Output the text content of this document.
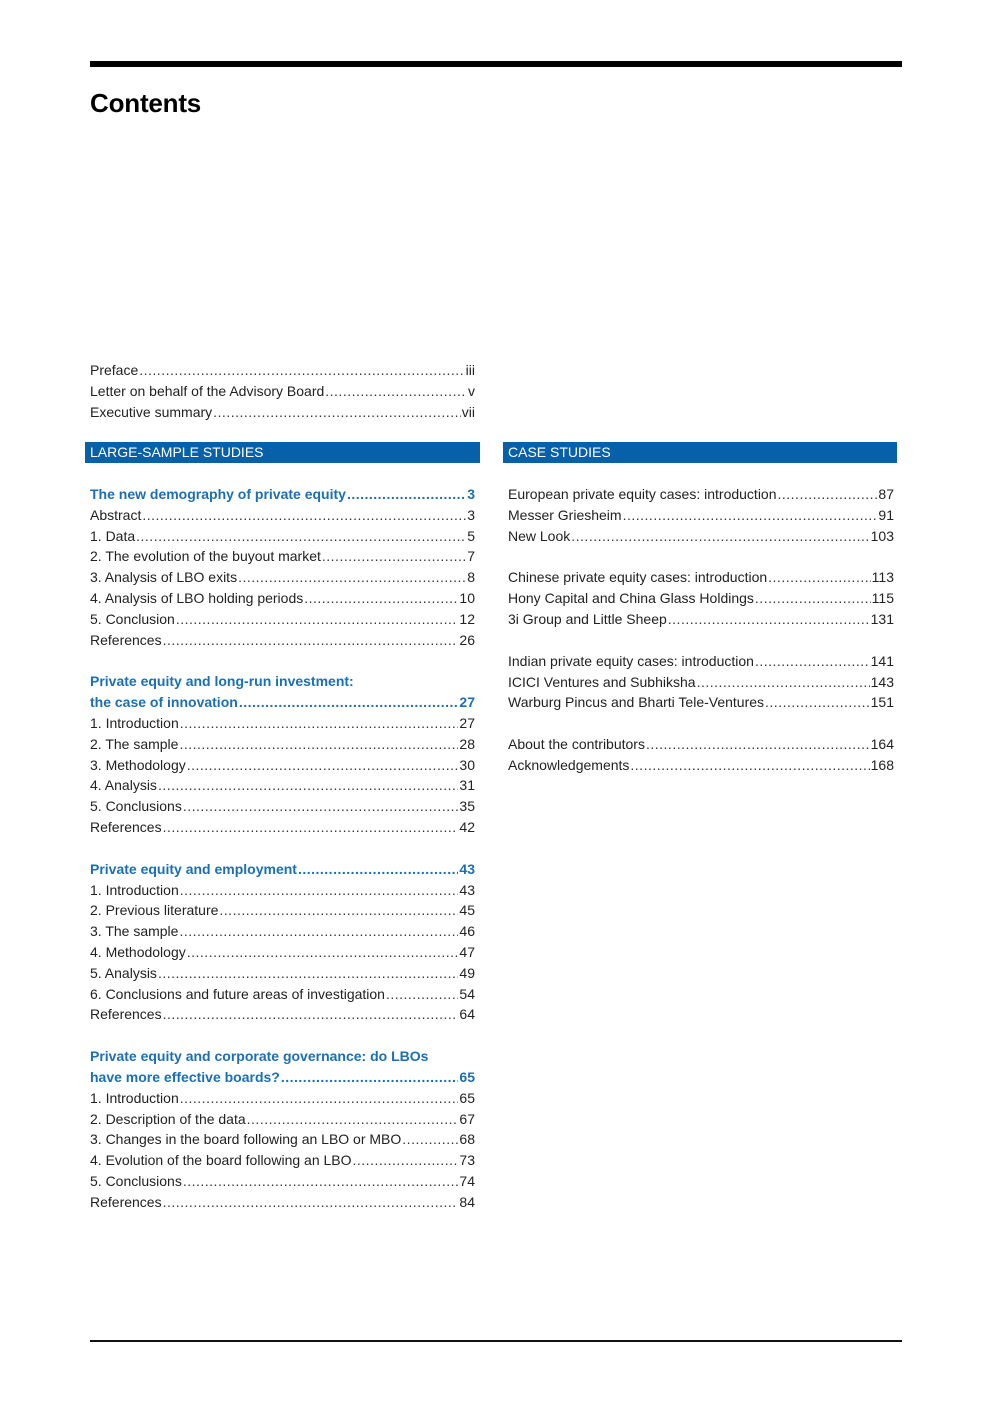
Contents
Preface .....	iii
Letter on behalf of the Advisory Board .....	v
Executive summary .....	vii
LARGE-SAMPLE STUDIES
The new demography of private equity .....	3
Abstract .....	3
1. Data .....	5
2. The evolution of the buyout market .....	7
3. Analysis of LBO exits .....	8
4. Analysis of LBO holding periods .....	10
5. Conclusion .....	12
References .....	26
Private equity and long-run investment:
the case of innovation .....	27
1. Introduction .....	27
2. The sample .....	28
3. Methodology .....	30
4. Analysis .....	31
5. Conclusions .....	35
References .....	42
Private equity and employment .....	43
1. Introduction .....	43
2. Previous literature .....	45
3. The sample .....	46
4. Methodology .....	47
5. Analysis .....	49
6. Conclusions and future areas of investigation .....	54
References .....	64
Private equity and corporate governance: do LBOs
have more effective boards? .....	65
1. Introduction .....	65
2. Description of the data .....	67
3. Changes in the board following an LBO or MBO .....	68
4. Evolution of the board following an LBO .....	73
5. Conclusions .....	74
References .....	84
CASE STUDIES
European private equity cases: introduction .....	87
Messer Griesheim .....	91
New Look .....	103
Chinese private equity cases: introduction .....	113
Hony Capital and China Glass Holdings .....	115
3i Group and Little Sheep .....	131
Indian private equity cases: introduction .....	141
ICICI Ventures and Subhiksha .....	143
Warburg Pincus and Bharti Tele-Ventures .....	151
About the contributors .....	164
Acknowledgements .....	168
